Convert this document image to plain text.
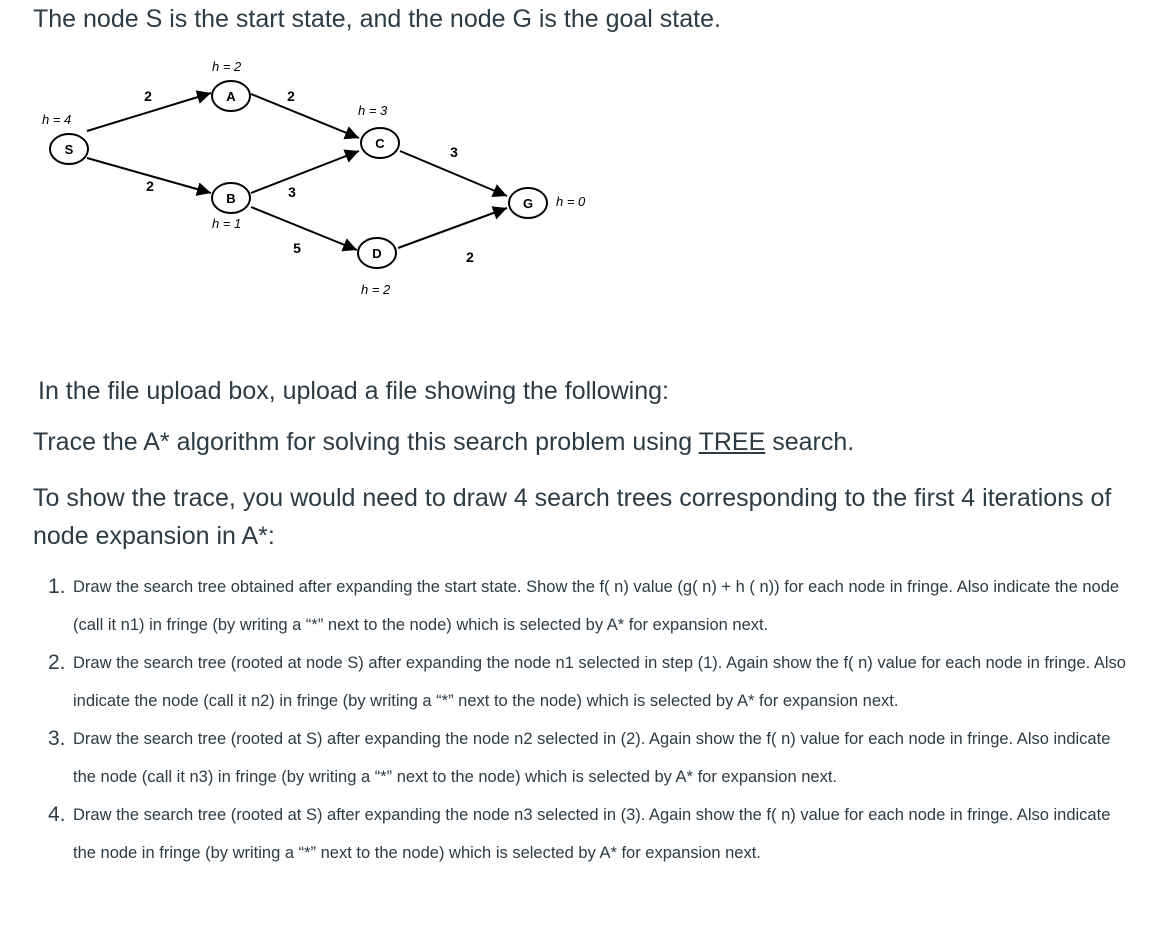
The node S is the start state, and the node G is the goal state.
S
A
B
C
D
G
h = 4
h = 2
h = 1
h = 3
h = 2
h = 0
2
2
2
3
5
3
2
In the file upload box, upload a file showing the following:
Trace the A* algorithm for solving this search problem using TREE search.
To show the trace, you would need to draw 4 search trees corresponding to the first 4 iterations of node expansion in A*:
1. Draw the search tree obtained after expanding the start state. Show the f( n) value (g( n) + h ( n)) for each node in fringe. Also indicate the node (call it n1) in fringe (by writing a “*” next to the node) which is selected by A* for expansion next.
2. Draw the search tree (rooted at node S) after expanding the node n1 selected in step (1). Again show the f( n) value for each node in fringe. Also indicate the node (call it n2) in fringe (by writing a “*” next to the node) which is selected by A* for expansion next.
3. Draw the search tree (rooted at S) after expanding the node n2 selected in (2). Again show the f( n) value for each node in fringe. Also indicate the node (call it n3) in fringe (by writing a “*” next to the node) which is selected by A* for expansion next.
4. Draw the search tree (rooted at S) after expanding the node n3 selected in (3). Again show the f( n) value for each node in fringe. Also indicate the node in fringe (by writing a “*” next to the node) which is selected by A* for expansion next.
